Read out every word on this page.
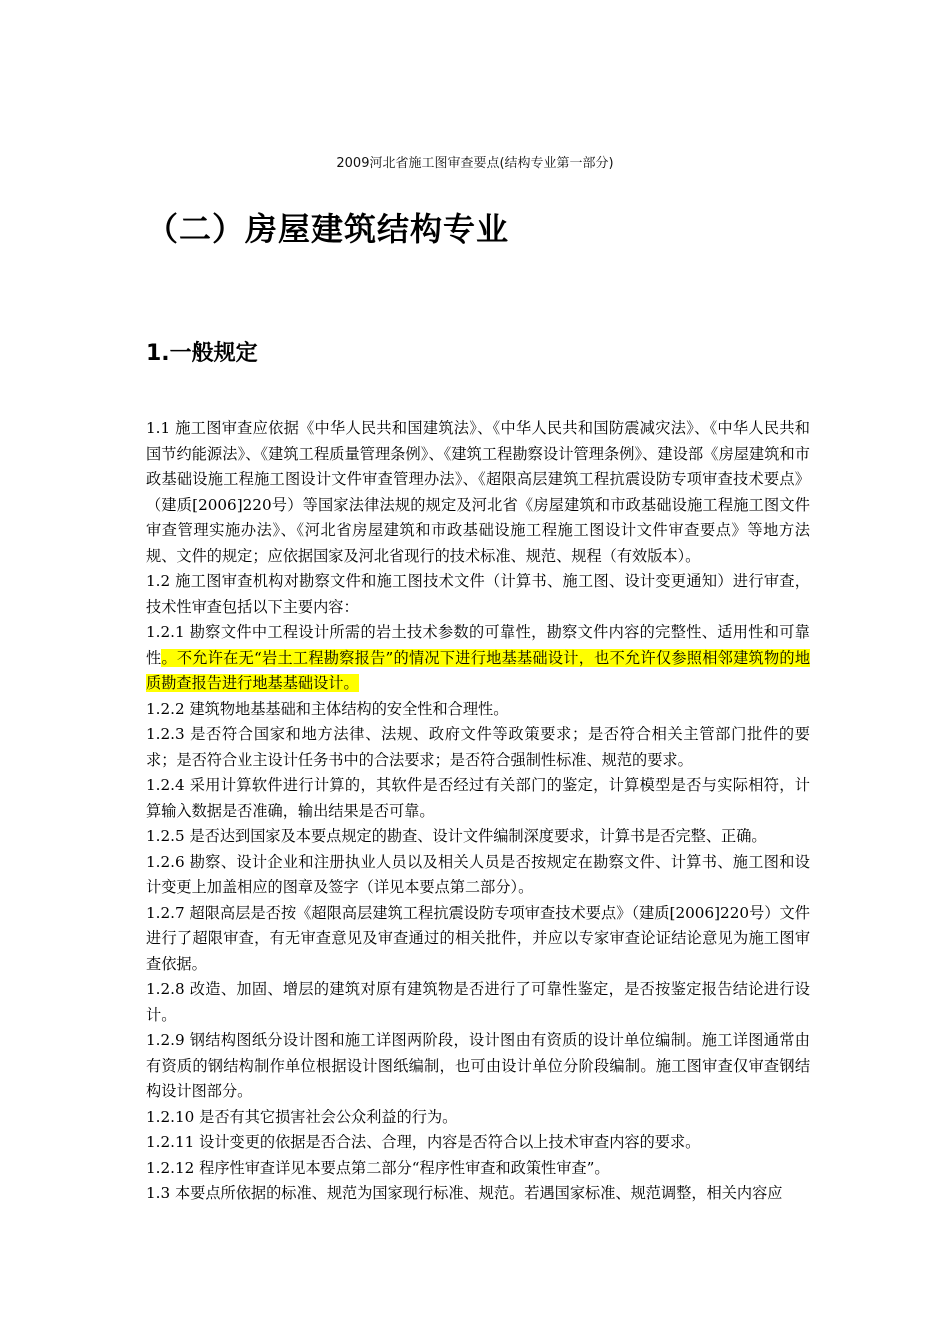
2009河北省施工图审查要点(结构专业第一部分)
（二）房屋建筑结构专业
1.一般规定

1.1 施工图审查应依据《中华人民共和国建筑法》、《中华人民共和国防震减灾法》、《中华人民共和国节约能源法》、《建筑工程质量管理条例》、《建筑工程勘察设计管理条例》、建设部《房屋建筑和市政基础设施工程施工图设计文件审查管理办法》、《超限高层建筑工程抗震设防专项审查技术要点》（建质[2006]220号）等国家法律法规的规定及河北省《房屋建筑和市政基础设施工程施工图文件审查管理实施办法》、《河北省房屋建筑和市政基础设施工程施工图设计文件审查要点》等地方法规、文件的规定；应依据国家及河北省现行的技术标准、规范、规程（有效版本）。

1.2 施工图审查机构对勘察文件和施工图技术文件（计算书、施工图、设计变更通知）进行审查，技术性审查包括以下主要内容：

1.2.1 勘察文件中工程设计所需的岩土技术参数的可靠性，勘察文件内容的完整性、适用性和可靠性。不允许在无“岩土工程勘察报告”的情况下进行地基基础设计，也不允许仅参照相邻建筑物的地质勘查报告进行地基基础设计。

1.2.2 建筑物地基基础和主体结构的安全性和合理性。

1.2.3 是否符合国家和地方法律、法规、政府文件等政策要求；是否符合相关主管部门批件的要求；是否符合业主设计任务书中的合法要求；是否符合强制性标准、规范的要求。

1.2.4 采用计算软件进行计算的，其软件是否经过有关部门的鉴定，计算模型是否与实际相符，计算输入数据是否准确，输出结果是否可靠。

1.2.5 是否达到国家及本要点规定的勘查、设计文件编制深度要求，计算书是否完整、正确。

1.2.6 勘察、设计企业和注册执业人员以及相关人员是否按规定在勘察文件、计算书、施工图和设计变更上加盖相应的图章及签字（详见本要点第二部分）。

1.2.7 超限高层是否按《超限高层建筑工程抗震设防专项审查技术要点》（建质[2006]220号）文件进行了超限审查，有无审查意见及审查通过的相关批件，并应以专家审查论证结论意见为施工图审查依据。

1.2.8 改造、加固、增层的建筑对原有建筑物是否进行了可靠性鉴定，是否按鉴定报告结论进行设计。

1.2.9 钢结构图纸分设计图和施工详图两阶段，设计图由有资质的设计单位编制。施工详图通常由有资质的钢结构制作单位根据设计图纸编制，也可由设计单位分阶段编制。施工图审查仅审查钢结构设计图部分。

1.2.10 是否有其它损害社会公众利益的行为。

1.2.11 设计变更的依据是否合法、合理，内容是否符合以上技术审查内容的要求。

1.2.12 程序性审查详见本要点第二部分“程序性审查和政策性审查”。

1.3 本要点所依据的标准、规范为国家现行标准、规范。若遇国家标准、规范调整，相关内容应
